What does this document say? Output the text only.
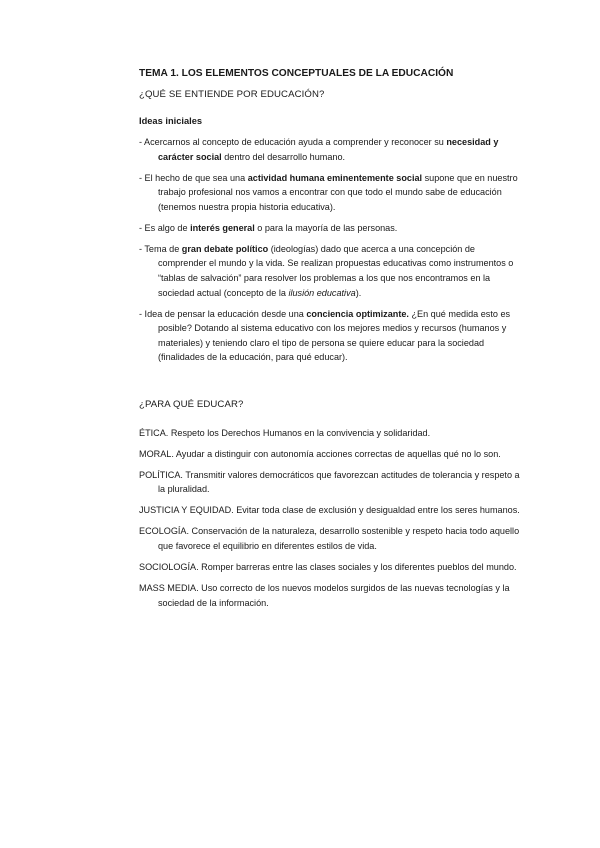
TEMA 1. LOS ELEMENTOS CONCEPTUALES DE LA EDUCACIÓN
¿QUÉ SE ENTIENDE POR EDUCACIÓN?
Ideas iniciales

- Acercarnos al concepto de educación ayuda a comprender y reconocer su necesidad y carácter social dentro del desarrollo humano.

- El hecho de que sea una actividad humana eminentemente social supone que en nuestro trabajo profesional nos vamos a encontrar con que todo el mundo sabe de educación (tenemos nuestra propia historia educativa).

- Es algo de interés general o para la mayoría de las personas.

- Tema de gran debate político (ideologías) dado que acerca a una concepción de comprender el mundo y la vida. Se realizan propuestas educativas como instrumentos o “tablas de salvación” para resolver los problemas a los que nos encontramos en la sociedad actual (concepto de la ilusión educativa).

- Idea de pensar la educación desde una conciencia optimizante. ¿En qué medida esto es posible? Dotando al sistema educativo con los mejores medios y recursos (humanos y materiales) y teniendo claro el tipo de persona se quiere educar para la sociedad (finalidades de la educación, para qué educar).

¿PARA QUÉ EDUCAR?

ÉTICA. Respeto los Derechos Humanos en la convivencia y solidaridad.

MORAL. Ayudar a distinguir con autonomía acciones correctas de aquellas qué no lo son.

POLÍTICA. Transmitir valores democráticos que favorezcan actitudes de tolerancia y respeto a la pluralidad.

JUSTICIA Y EQUIDAD. Evitar toda clase de exclusión y desigualdad entre los seres humanos.

ECOLOGÍA. Conservación de la naturaleza, desarrollo sostenible y respeto hacia todo aquello que favorece el equilibrio en diferentes estilos de vida.

SOCIOLOGÍA. Romper barreras entre las clases sociales y los diferentes pueblos del mundo.

MASS MEDIA. Uso correcto de los nuevos modelos surgidos de las nuevas tecnologías y la sociedad de la información.
